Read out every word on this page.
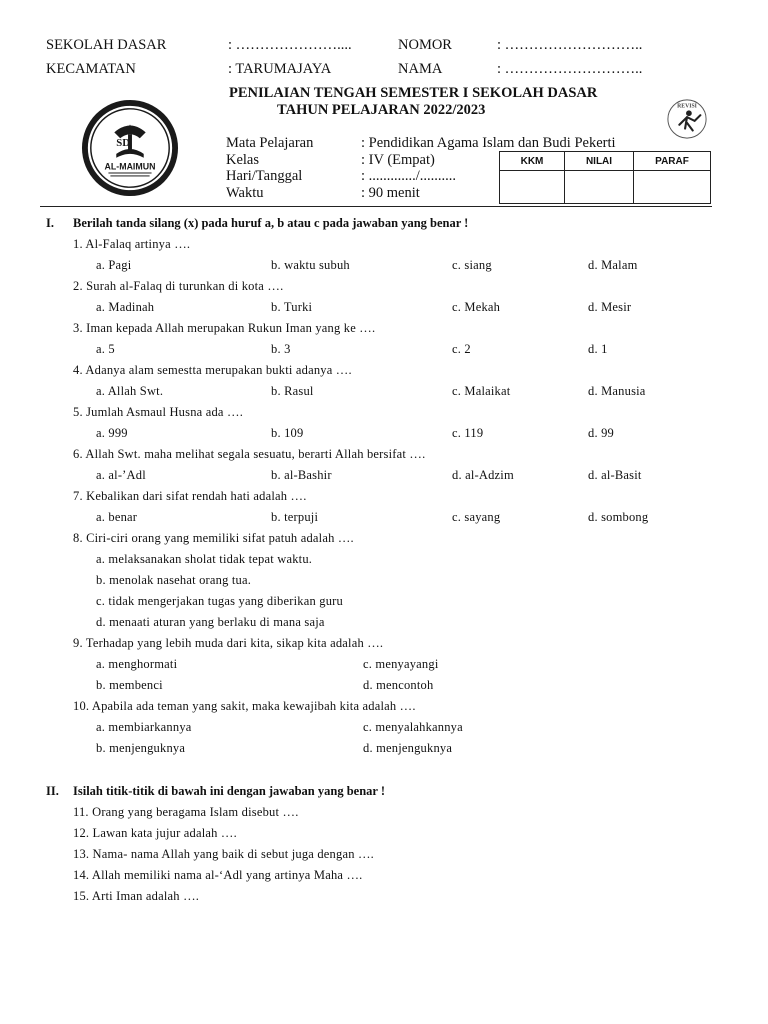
SEKOLAH DASAR	: …………………....	NOMOR	: ………………………..
KECAMATAN	: TARUMAJAYA	NAMA	: ………………………..
SD
AL-MAIMUN
REVISI
PENILAIAN TENGAH SEMESTER I SEKOLAH DASAR
TAHUN PELAJARAN 2022/2023
Mata Pelajaran	: Pendidikan Agama Islam dan Budi Pekerti
Kelas	: IV (Empat)
Hari/Tanggal	: ............./..........
Waktu	: 90 menit
KKM	NILAI	PARAF

I. Berilah tanda silang (x) pada huruf a, b atau c pada jawaban yang benar !
1. Al-Falaq artinya ….
a. Pagi	b. waktu subuh	c. siang	d. Malam
2. Surah al-Falaq di turunkan di kota ….
a. Madinah	b. Turki	c. Mekah	d. Mesir
3. Iman kepada Allah merupakan Rukun Iman yang ke ….
a. 5	b. 3	c. 2	d. 1
4. Adanya alam semestta merupakan bukti adanya ….
a. Allah Swt.	b. Rasul	c. Malaikat	d. Manusia
5. Jumlah Asmaul Husna ada ….
a. 999	b. 109	c. 119	d. 99
6. Allah Swt. maha melihat segala sesuatu, berarti Allah bersifat ….
a. al-’Adl	b. al-Bashir	d. al-Adzim	d. al-Basit
7. Kebalikan dari sifat rendah hati adalah ….
a. benar	b. terpuji	c. sayang	d. sombong
8. Ciri-ciri orang yang memiliki sifat patuh adalah ….
a. melaksanakan sholat tidak tepat waktu.
b. menolak nasehat orang tua.
c. tidak mengerjakan tugas yang diberikan guru
d. menaati aturan yang berlaku di mana saja
9. Terhadap yang lebih muda dari kita, sikap kita adalah ….
a. menghormati	c. menyayangi
b. membenci	d. mencontoh
10. Apabila ada teman yang sakit, maka kewajibah kita adalah ….
a. membiarkannya	c. menyalahkannya
b. menjenguknya	d. menjenguknya
II. Isilah titik-titik di bawah ini dengan jawaban yang benar !
11. Orang yang beragama Islam disebut ….
12. Lawan kata jujur adalah ….
13. Nama- nama Allah yang baik di sebut juga dengan ….
14. Allah memiliki nama al-‘Adl yang artinya Maha ….
15. Arti Iman adalah ….
